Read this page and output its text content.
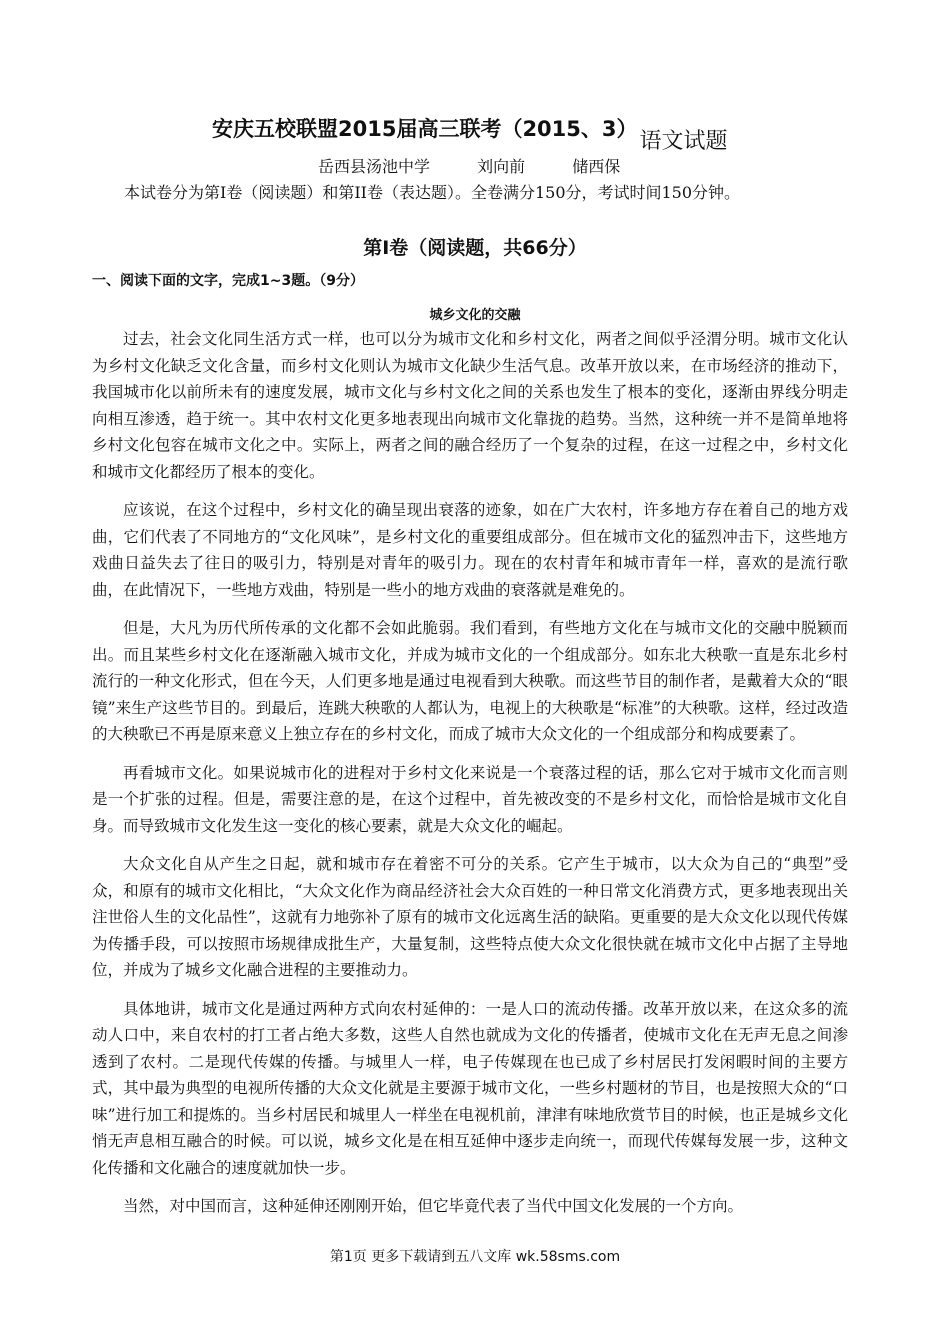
安庆五校联盟2015届高三联考（2015、3）语文试题
岳西县汤池中学	刘向前	储西保

本试卷分为第Ⅰ卷（阅读题）和第II卷（表达题）。全卷满分150分，考试时间150分钟。

第Ⅰ卷（阅读题，共66分）
一、阅读下面的文字，完成1~3题。（9分）
城乡文化的交融

过去，社会文化同生活方式一样，也可以分为城市文化和乡村文化，两者之间似乎泾渭分明。城市文化认为乡村文化缺乏文化含量，而乡村文化则认为城市文化缺少生活气息。改革开放以来，在市场经济的推动下，我国城市化以前所未有的速度发展，城市文化与乡村文化之间的关系也发生了根本的变化，逐渐由界线分明走向相互渗透，趋于统一。其中农村文化更多地表现出向城市文化靠拢的趋势。当然，这种统一并不是简单地将乡村文化包容在城市文化之中。实际上，两者之间的融合经历了一个复杂的过程，在这一过程之中，乡村文化和城市文化都经历了根本的变化。

应该说，在这个过程中，乡村文化的确呈现出衰落的迹象，如在广大农村，许多地方存在着自己的地方戏曲，它们代表了不同地方的“文化风味”，是乡村文化的重要组成部分。但在城市文化的猛烈冲击下，这些地方戏曲日益失去了往日的吸引力，特别是对青年的吸引力。现在的农村青年和城市青年一样，喜欢的是流行歌曲，在此情况下，一些地方戏曲，特别是一些小的地方戏曲的衰落就是难免的。

但是，大凡为历代所传承的文化都不会如此脆弱。我们看到，有些地方文化在与城市文化的交融中脱颖而出。而且某些乡村文化在逐渐融入城市文化，并成为城市文化的一个组成部分。如东北大秧歌一直是东北乡村流行的一种文化形式，但在今天，人们更多地是通过电视看到大秧歌。而这些节目的制作者，是戴着大众的“眼镜”来生产这些节目的。到最后，连跳大秧歌的人都认为，电视上的大秧歌是“标准”的大秧歌。这样，经过改造的大秧歌已不再是原来意义上独立存在的乡村文化，而成了城市大众文化的一个组成部分和构成要素了。

再看城市文化。如果说城市化的进程对于乡村文化来说是一个衰落过程的话，那么它对于城市文化而言则是一个扩张的过程。但是，需要注意的是，在这个过程中，首先被改变的不是乡村文化，而恰恰是城市文化自身。而导致城市文化发生这一变化的核心要素，就是大众文化的崛起。

大众文化自从产生之日起，就和城市存在着密不可分的关系。它产生于城市，以大众为自己的“典型”受众，和原有的城市文化相比，“大众文化作为商品经济社会大众百姓的一种日常文化消费方式，更多地表现出关注世俗人生的文化品性”，这就有力地弥补了原有的城市文化远离生活的缺陷。更重要的是大众文化以现代传媒为传播手段，可以按照市场规律成批生产，大量复制，这些特点使大众文化很快就在城市文化中占据了主导地位，并成为了城乡文化融合进程的主要推动力。

具体地讲，城市文化是通过两种方式向农村延伸的：一是人口的流动传播。改革开放以来，在这众多的流动人口中，来自农村的打工者占绝大多数，这些人自然也就成为文化的传播者，使城市文化在无声无息之间渗透到了农村。二是现代传媒的传播。与城里人一样，电子传媒现在也已成了乡村居民打发闲暇时间的主要方式，其中最为典型的电视所传播的大众文化就是主要源于城市文化，一些乡村题材的节目，也是按照大众的“口味”进行加工和提炼的。当乡村居民和城里人一样坐在电视机前，津津有味地欣赏节目的时候，也正是城乡文化悄无声息相互融合的时候。可以说，城乡文化是在相互延伸中逐步走向统一，而现代传媒每发展一步，这种文化传播和文化融合的速度就加快一步。

当然，对中国而言，这种延伸还刚刚开始，但它毕竟代表了当代中国文化发展的一个方向。

第1页 更多下载请到五八文库 wk.58sms.com
